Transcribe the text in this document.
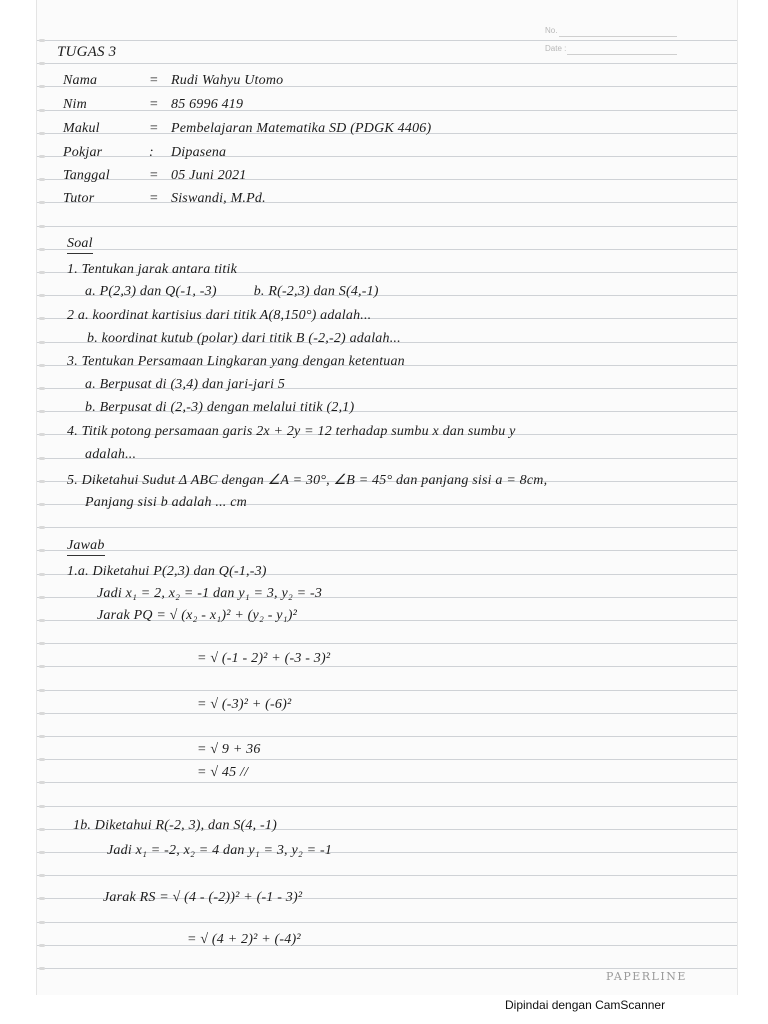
No.
Date :
TUGAS 3
Nama	= Rudi Wahyu Utomo
Nim	= 85 6996 419
Makul	= Pembelajaran Matematika SD (PDGK 4406)
Pokjar	: Dipasena
Tanggal	= 05 Juni 2021
Tutor	= Siswandi, M.Pd.
Soal
1. Tentukan jarak antara titik
a. P(2,3) dan Q(-1, -3)          b. R(-2,3) dan S(4,-1)
2 a. koordinat kartisius dari titik A(8,150°) adalah...
b. koordinat kutub (polar) dari titik B (-2,-2) adalah...
3. Tentukan Persamaan Lingkaran yang dengan ketentuan
a. Berpusat di (3,4) dan jari-jari 5
b. Berpusat di (2,-3) dengan melalui titik (2,1)
4. Titik potong persamaan garis 2x + 2y = 12 terhadap sumbu x dan sumbu y
adalah...
5. Diketahui Sudut Δ ABC dengan ∠A = 30°, ∠B = 45° dan panjang sisi a = 8cm,
Panjang sisi b adalah ... cm
Jawab
1.a. Diketahui P(2,3) dan Q(-1,-3)
Jadi x₁ = 2, x₂ = -1 dan y₁ = 3, y₂ = -3
Jarak PQ = √ (x₂ - x₁)² + (y₂ - y₁)²
= √ (-1 - 2)² + (-3 - 3)²
= √ (-3)² + (-6)²
= √ 9 + 36
= √ 45 //
1b. Diketahui R(-2, 3), dan S(4, -1)
Jadi x₁ = -2, x₂ = 4 dan y₁ = 3, y₂ = -1
Jarak RS = √ (4 - (-2))² + (-1 - 3)²
= √ (4 + 2)² + (-4)²
PAPERLINE
Dipindai dengan CamScanner
